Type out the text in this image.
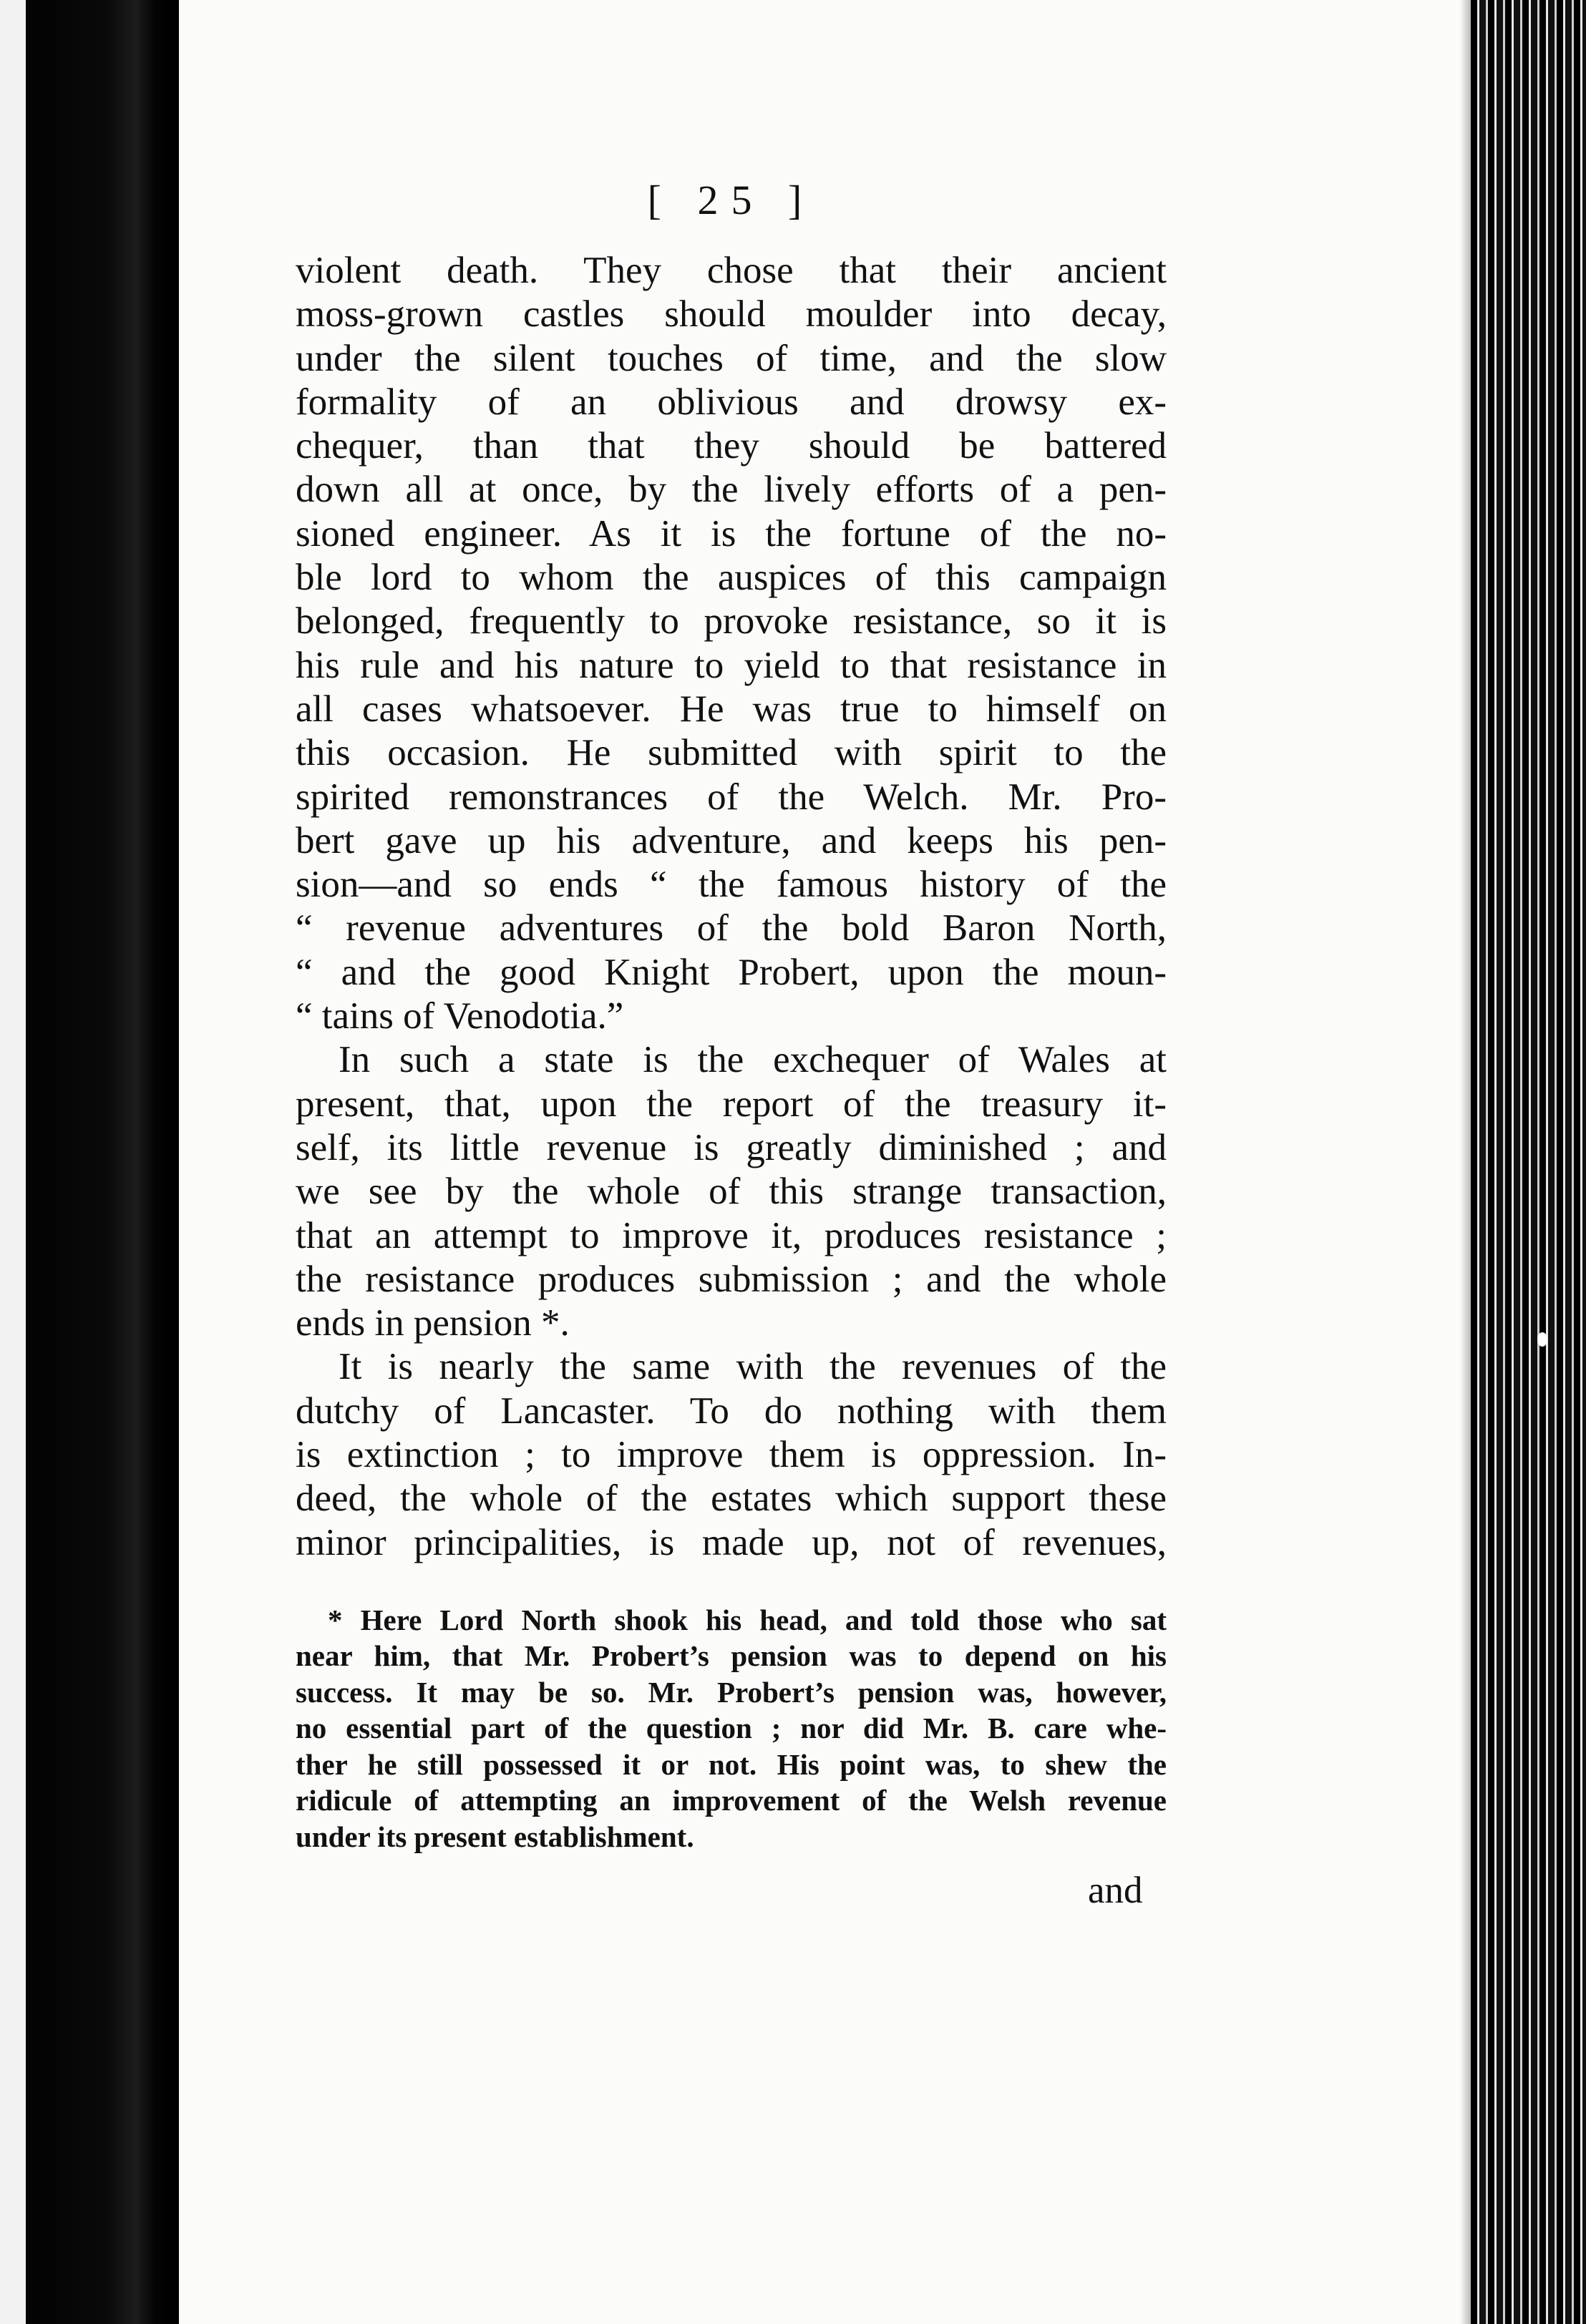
[ 25 ]

violent death. They chose that their ancient
moss-grown castles should moulder into decay,
under the silent touches of time, and the slow
formality of an oblivious and drowsy ex-
chequer, than that they should be battered
down all at once, by the lively efforts of a pen-
sioned engineer. As it is the fortune of the no-
ble lord to whom the auspices of this campaign
belonged, frequently to provoke resistance, so it is
his rule and his nature to yield to that resistance in
all cases whatsoever. He was true to himself on
this occasion. He submitted with spirit to the
spirited remonstrances of the Welch. Mr. Pro-
bert gave up his adventure, and keeps his pen-
sion—and so ends “ the famous history of the
“ revenue adventures of the bold Baron North,
“ and the good Knight Probert, upon the moun-
“ tains of Venodotia.”

In such a state is the exchequer of Wales at
present, that, upon the report of the treasury it-
self, its little revenue is greatly diminished ; and
we see by the whole of this strange transaction,
that an attempt to improve it, produces resistance ;
the resistance produces submission ; and the whole
ends in pension *.

It is nearly the same with the revenues of the
dutchy of Lancaster. To do nothing with them
is extinction ; to improve them is oppression. In-
deed, the whole of the estates which support these
minor principalities, is made up, not of revenues,

* Here Lord North shook his head, and told those who sat
near him, that Mr. Probert’s pension was to depend on his
success. It may be so. Mr. Probert’s pension was, however,
no essential part of the question ; nor did Mr. B. care whe-
ther he still possessed it or not. His point was, to shew the
ridicule of attempting an improvement of the Welsh revenue
under its present establishment.
and
